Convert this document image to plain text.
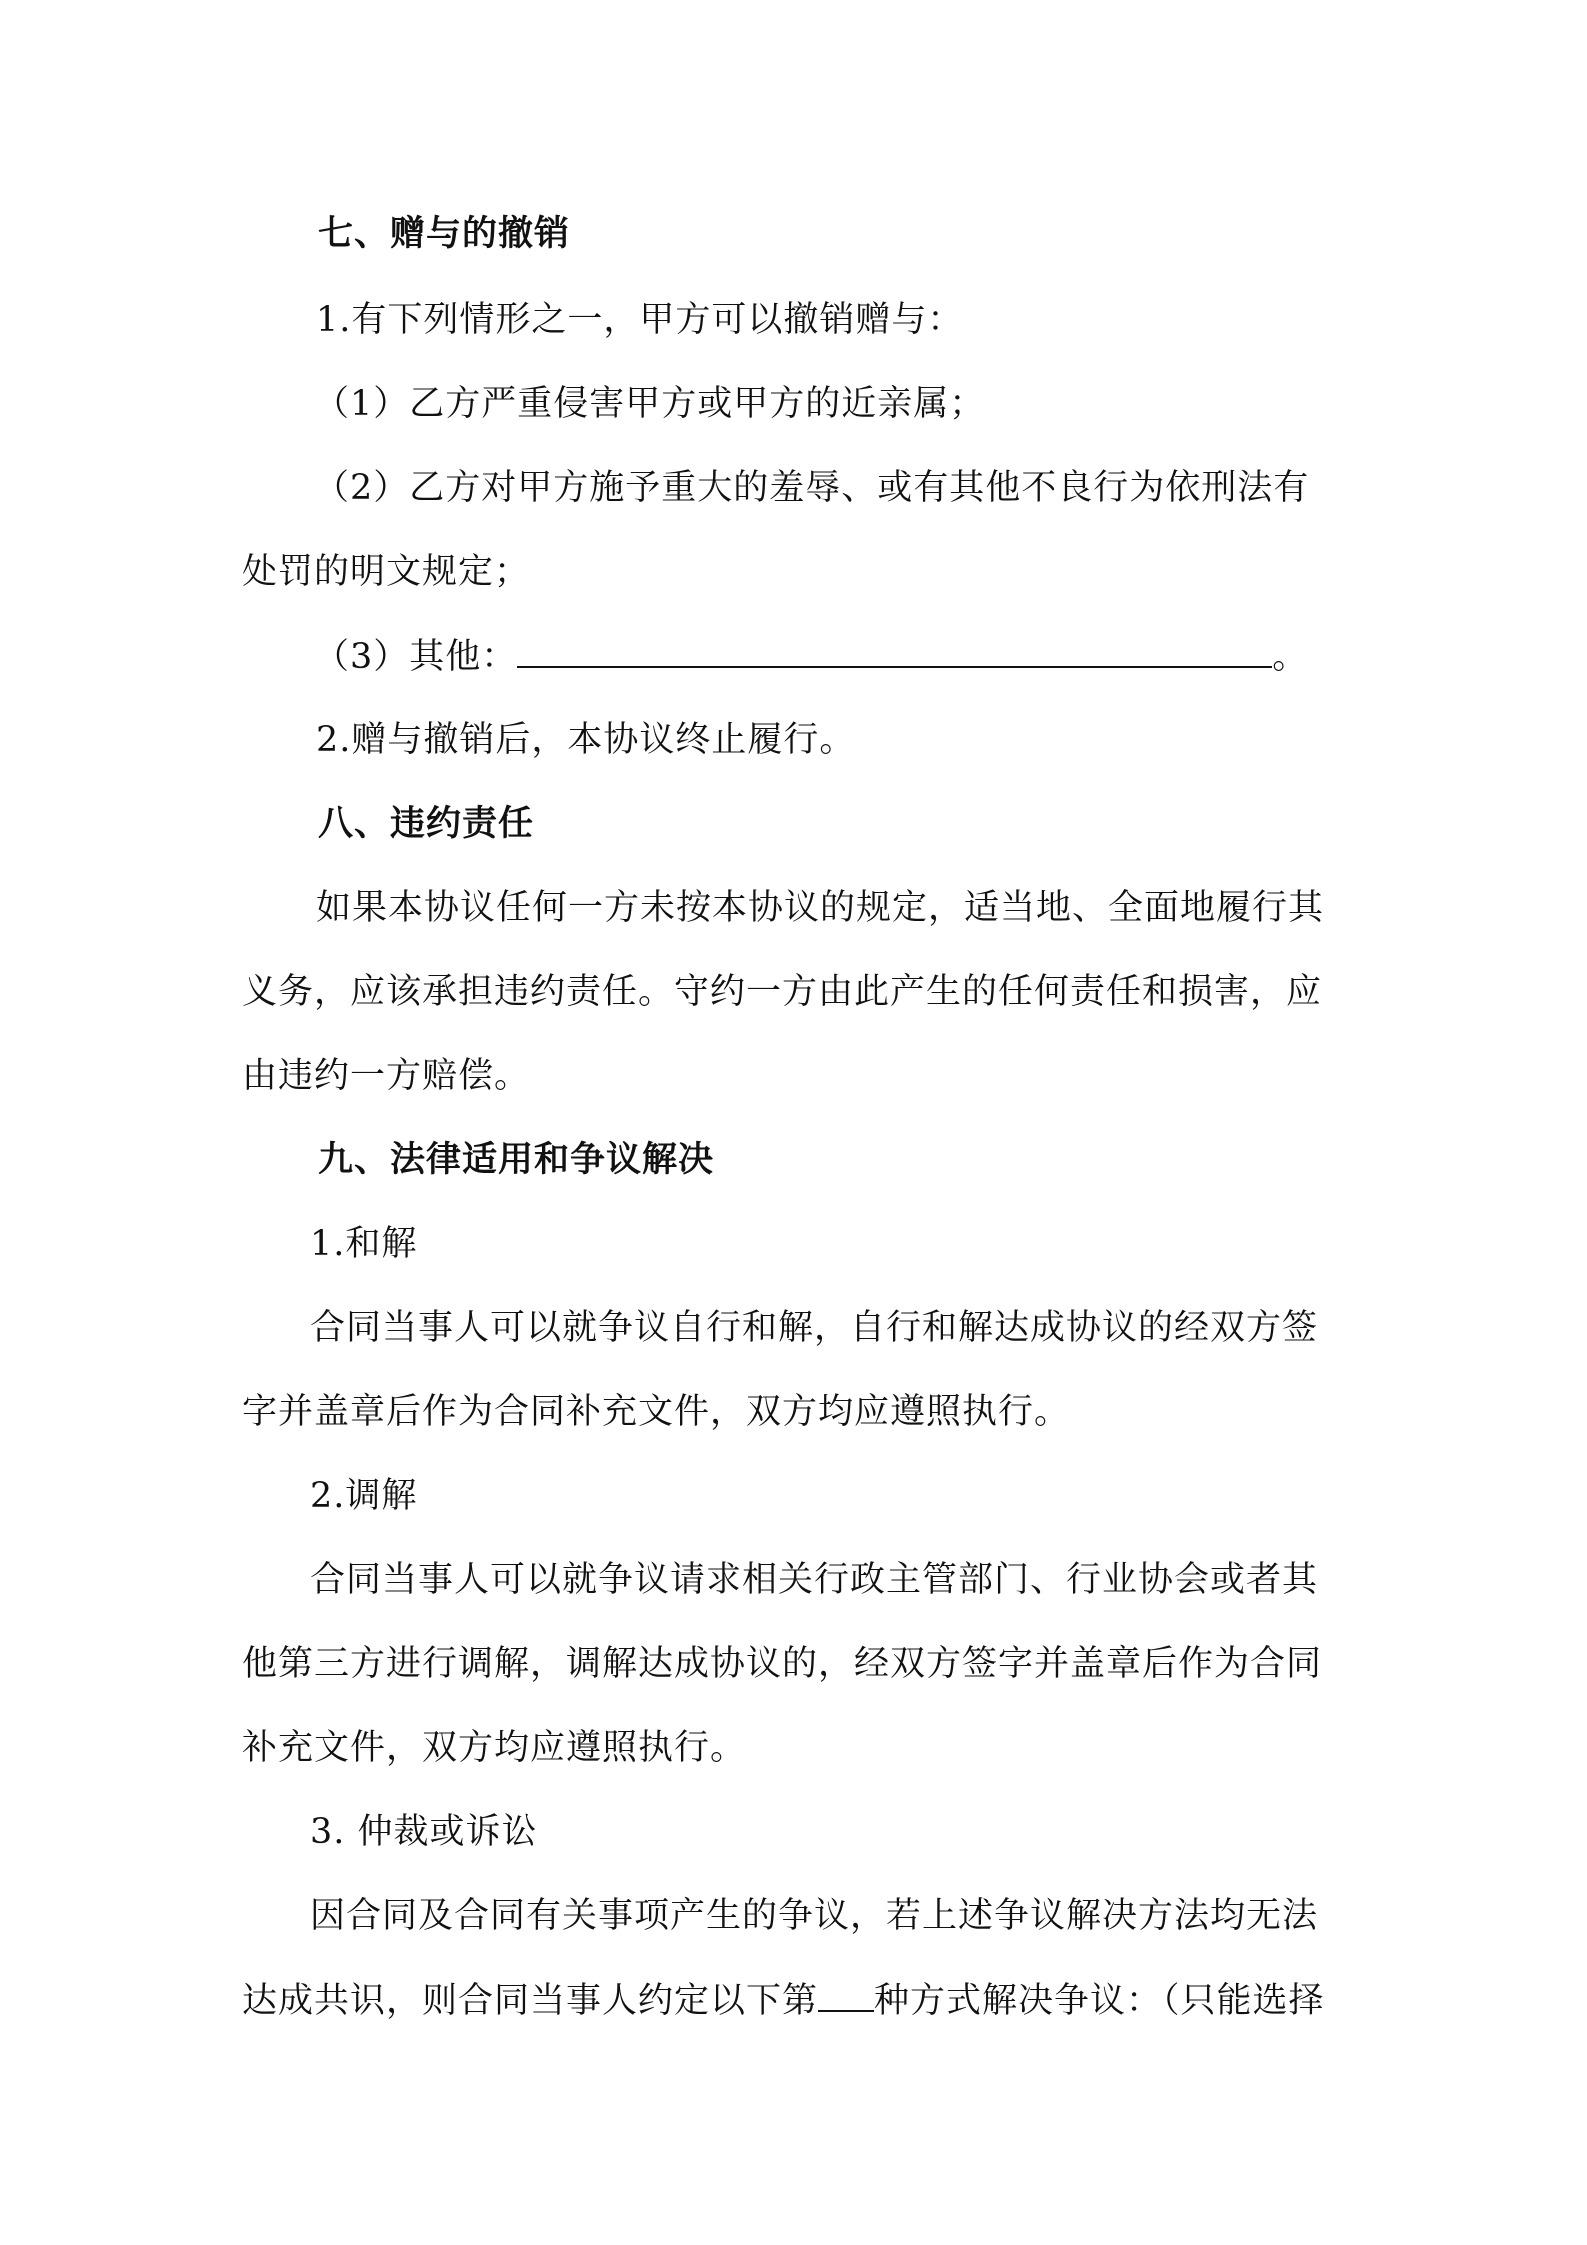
七、赠与的撤销
1.有下列情形之一，甲方可以撤销赠与：
（1）乙方严重侵害甲方或甲方的近亲属；
（2）乙方对甲方施予重大的羞辱、或有其他不良行为依刑法有
处罚的明文规定；
（3）其他：	。
2.赠与撤销后，本协议终止履行。
八、违约责任
如果本协议任何一方未按本协议的规定，适当地、全面地履行其
义务，应该承担违约责任。守约一方由此产生的任何责任和损害，应
由违约一方赔偿。
九、法律适用和争议解决
1.和解
合同当事人可以就争议自行和解，自行和解达成协议的经双方签
字并盖章后作为合同补充文件，双方均应遵照执行。
2.调解
合同当事人可以就争议请求相关行政主管部门、行业协会或者其
他第三方进行调解，调解达成协议的，经双方签字并盖章后作为合同
补充文件，双方均应遵照执行。
3. 仲裁或诉讼
因合同及合同有关事项产生的争议，若上述争议解决方法均无法
达成共识，则合同当事人约定以下第 种方式解决争议：（只能选择
